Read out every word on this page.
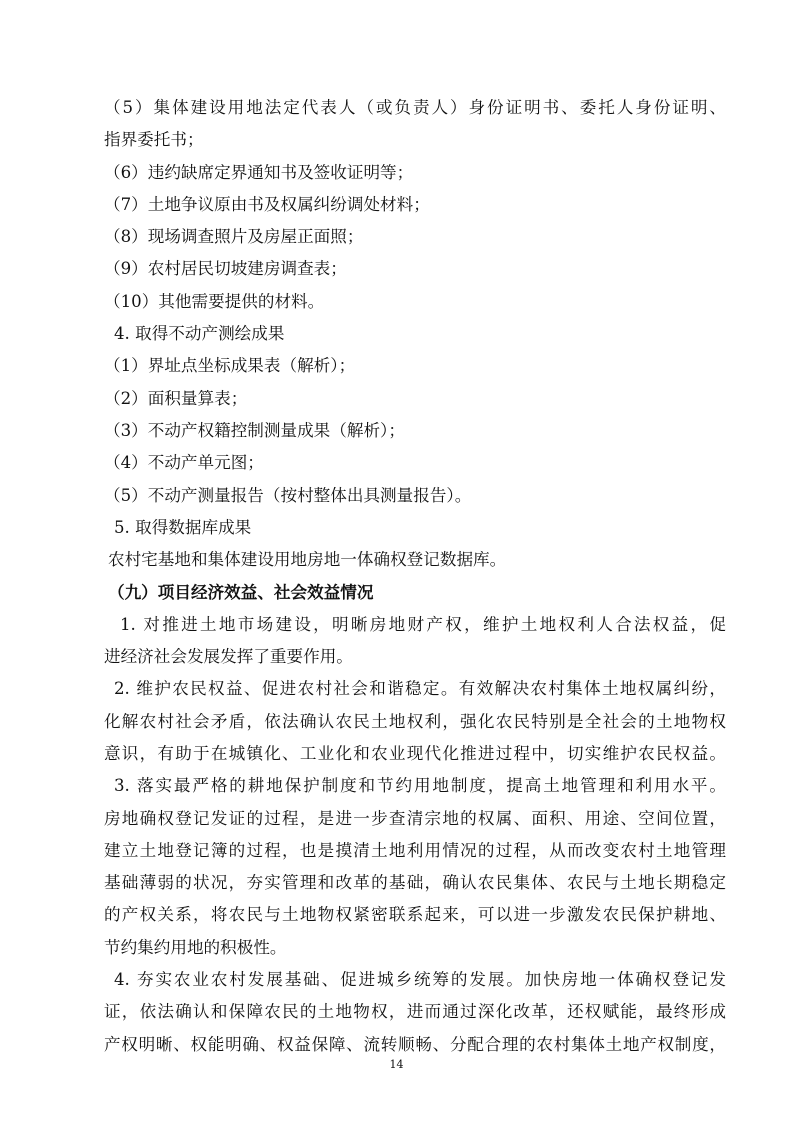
（5）集体建设用地法定代表人（或负责人）身份证明书、委托人身份证明、

指界委托书；

（6）违约缺席定界通知书及签收证明等；

（7）土地争议原由书及权属纠纷调处材料；

（8）现场调查照片及房屋正面照；

（9）农村居民切坡建房调查表；

（10）其他需要提供的材料。

4. 取得不动产测绘成果

（1）界址点坐标成果表（解析）；

（2）面积量算表；

（3）不动产权籍控制测量成果（解析）；

（4）不动产单元图；

（5）不动产测量报告（按村整体出具测量报告）。

5. 取得数据库成果

农村宅基地和集体建设用地房地一体确权登记数据库。

（九）项目经济效益、社会效益情况

1. 对推进土地市场建设，明晰房地财产权，维护土地权利人合法权益，促

进经济社会发展发挥了重要作用。

2. 维护农民权益、促进农村社会和谐稳定。有效解决农村集体土地权属纠纷，

化解农村社会矛盾，依法确认农民土地权利，强化农民特别是全社会的土地物权

意识，有助于在城镇化、工业化和农业现代化推进过程中，切实维护农民权益。

3. 落实最严格的耕地保护制度和节约用地制度，提高土地管理和利用水平。

房地确权登记发证的过程，是进一步查清宗地的权属、面积、用途、空间位置，

建立土地登记簿的过程，也是摸清土地利用情况的过程，从而改变农村土地管理

基础薄弱的状况，夯实管理和改革的基础，确认农民集体、农民与土地长期稳定

的产权关系，将农民与土地物权紧密联系起来，可以进一步激发农民保护耕地、

节约集约用地的积极性。

4. 夯实农业农村发展基础、促进城乡统筹的发展。加快房地一体确权登记发

证，依法确认和保障农民的土地物权，进而通过深化改革，还权赋能，最终形成

产权明晰、权能明确、权益保障、流转顺畅、分配合理的农村集体土地产权制度，

14
